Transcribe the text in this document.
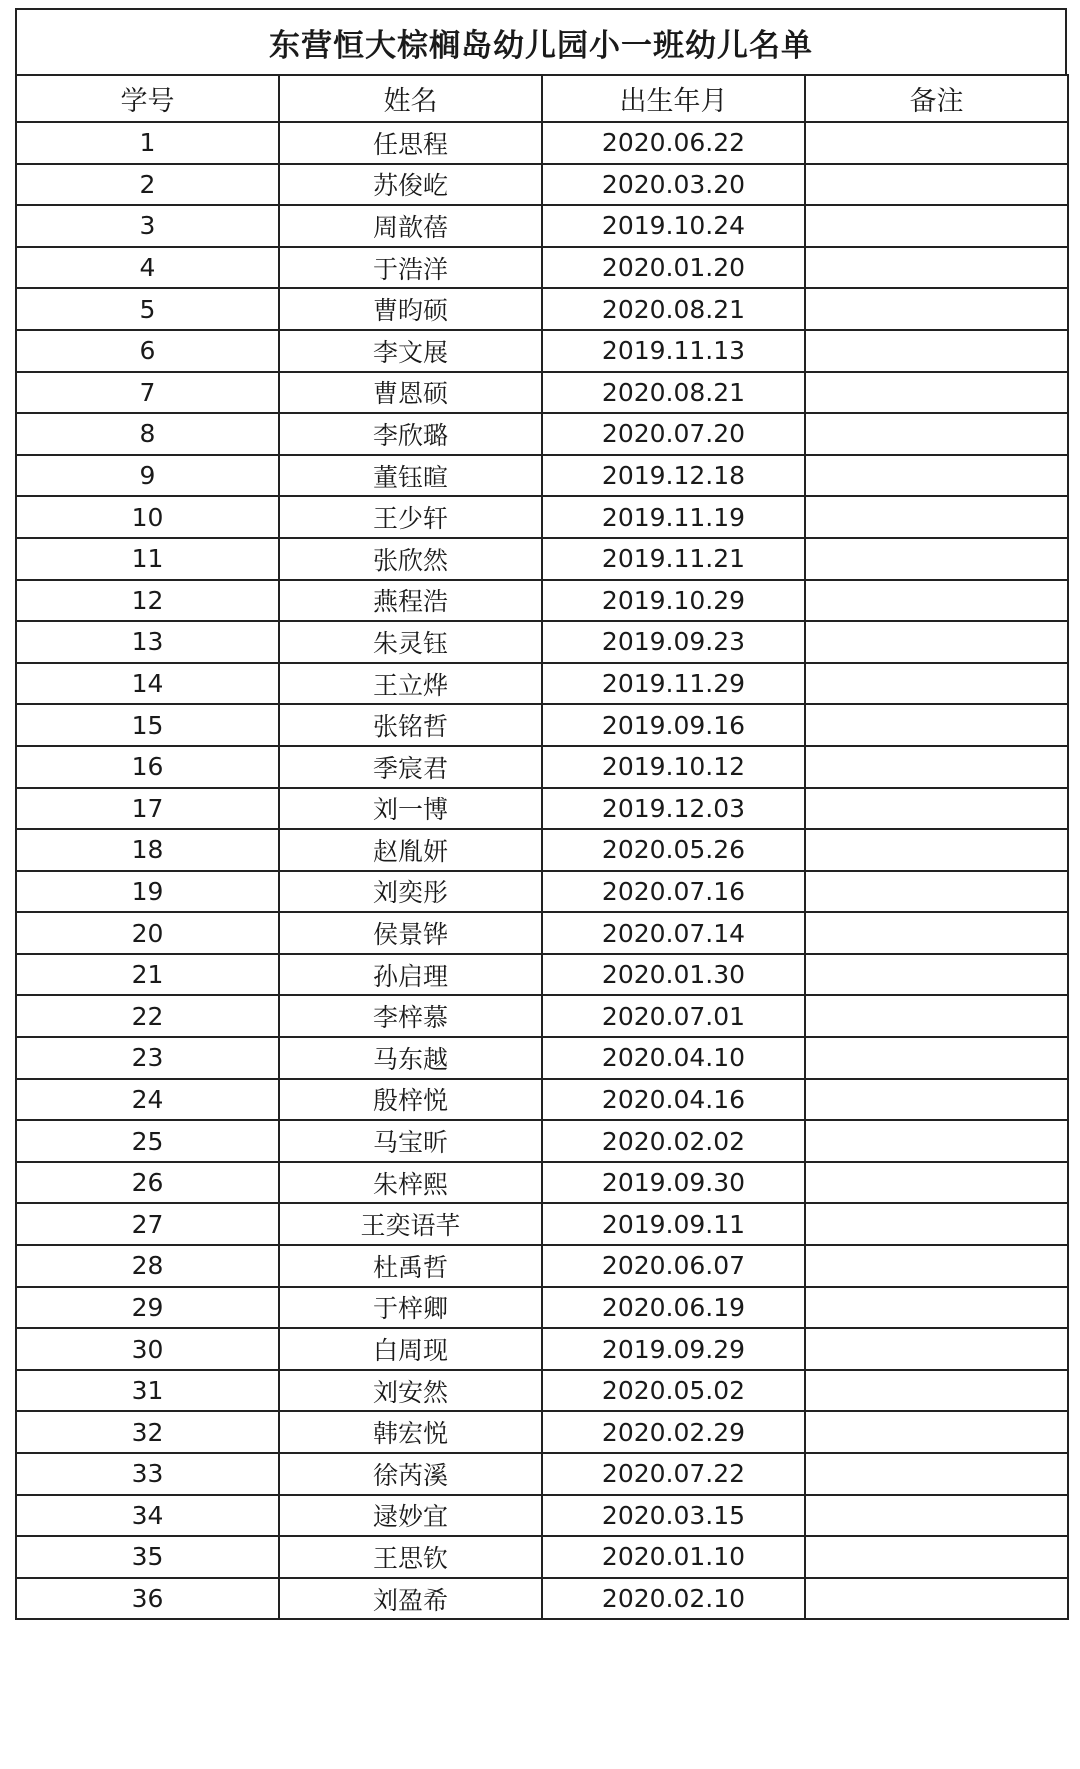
东营恒大棕榈岛幼儿园小一班幼儿名单
学号	姓名	出生年月	备注
1	任思程	2020.06.22	
2	苏俊屹	2020.03.20	
3	周歆蓓	2019.10.24	
4	于浩洋	2020.01.20	
5	曹昀硕	2020.08.21	
6	李文展	2019.11.13	
7	曹恩硕	2020.08.21	
8	李欣璐	2020.07.20	
9	董钰暄	2019.12.18	
10	王少轩	2019.11.19	
11	张欣然	2019.11.21	
12	燕程浩	2019.10.29	
13	朱灵钰	2019.09.23	
14	王立烨	2019.11.29	
15	张铭哲	2019.09.16	
16	季宸君	2019.10.12	
17	刘一博	2019.12.03	
18	赵胤妍	2020.05.26	
19	刘奕彤	2020.07.16	
20	侯景铧	2020.07.14	
21	孙启理	2020.01.30	
22	李梓慕	2020.07.01	
23	马东越	2020.04.10	
24	殷梓悦	2020.04.16	
25	马宝昕	2020.02.02	
26	朱梓熙	2019.09.30	
27	王奕语芊	2019.09.11	
28	杜禹哲	2020.06.07	
29	于梓卿	2020.06.19	
30	白周现	2019.09.29	
31	刘安然	2020.05.02	
32	韩宏悦	2020.02.29	
33	徐芮溪	2020.07.22	
34	逯妙宜	2020.03.15	
35	王思钦	2020.01.10	
36	刘盈希	2020.02.10	
